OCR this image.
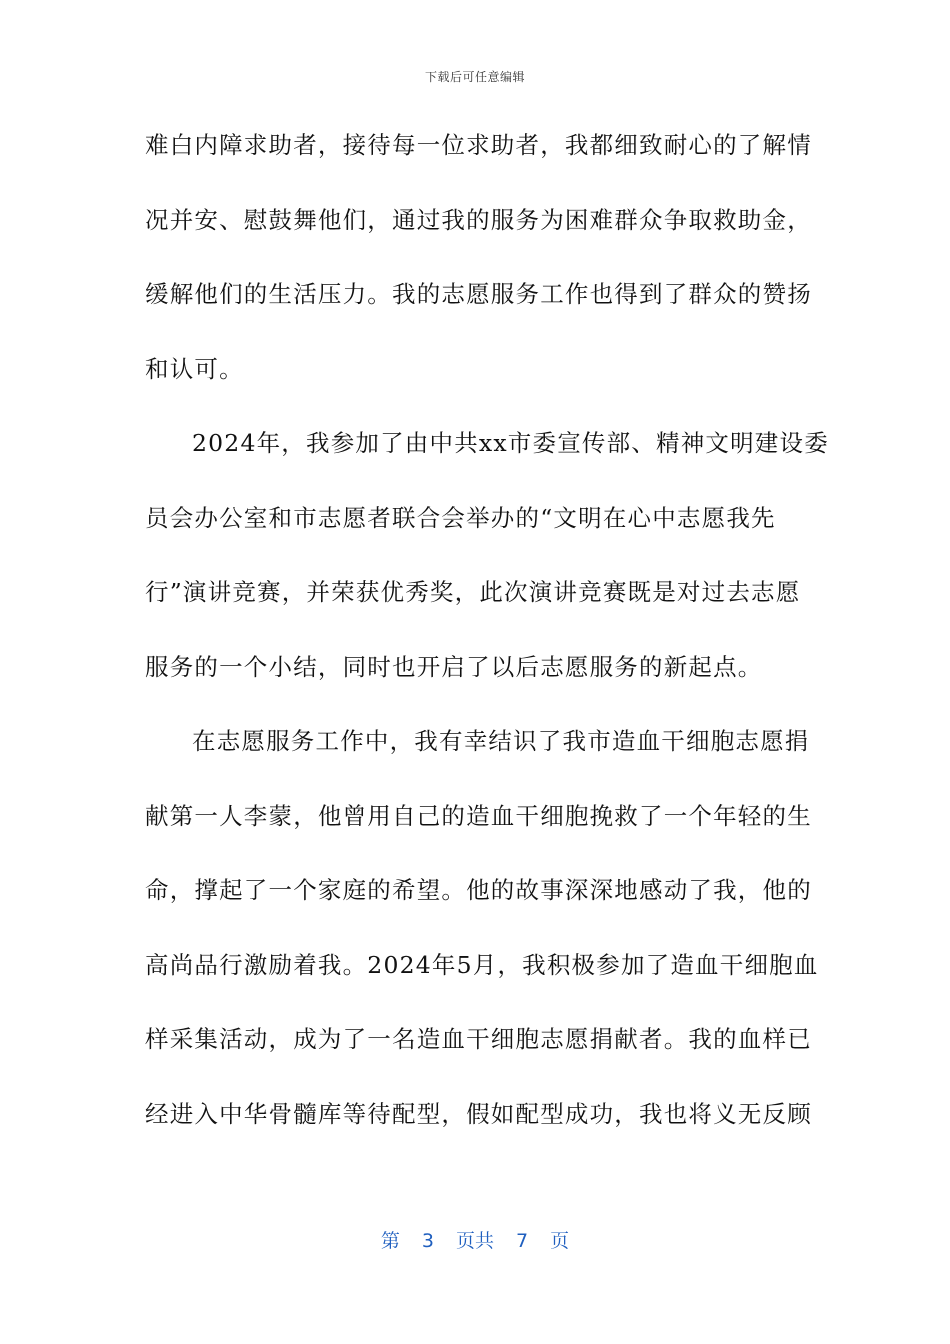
下载后可任意编辑
难白内障求助者，接待每一位求助者，我都细致耐心的了解情
况并安、慰鼓舞他们，通过我的服务为困难群众争取救助金，
缓解他们的生活压力。我的志愿服务工作也得到了群众的赞扬
和认可。
2024年，我参加了由中共xx市委宣传部、精神文明建设委
员会办公室和市志愿者联合会举办的“文明在心中志愿我先
行”演讲竞赛，并荣获优秀奖，此次演讲竞赛既是对过去志愿
服务的一个小结，同时也开启了以后志愿服务的新起点。
在志愿服务工作中，我有幸结识了我市造血干细胞志愿捐
献第一人李蒙，他曾用自己的造血干细胞挽救了一个年轻的生
命，撑起了一个家庭的希望。他的故事深深地感动了我，他的
高尚品行激励着我。2024年5月，我积极参加了造血干细胞血
样采集活动，成为了一名造血干细胞志愿捐献者。我的血样已
经进入中华骨髓库等待配型，假如配型成功，我也将义无反顾
第 3 页共 7 页
